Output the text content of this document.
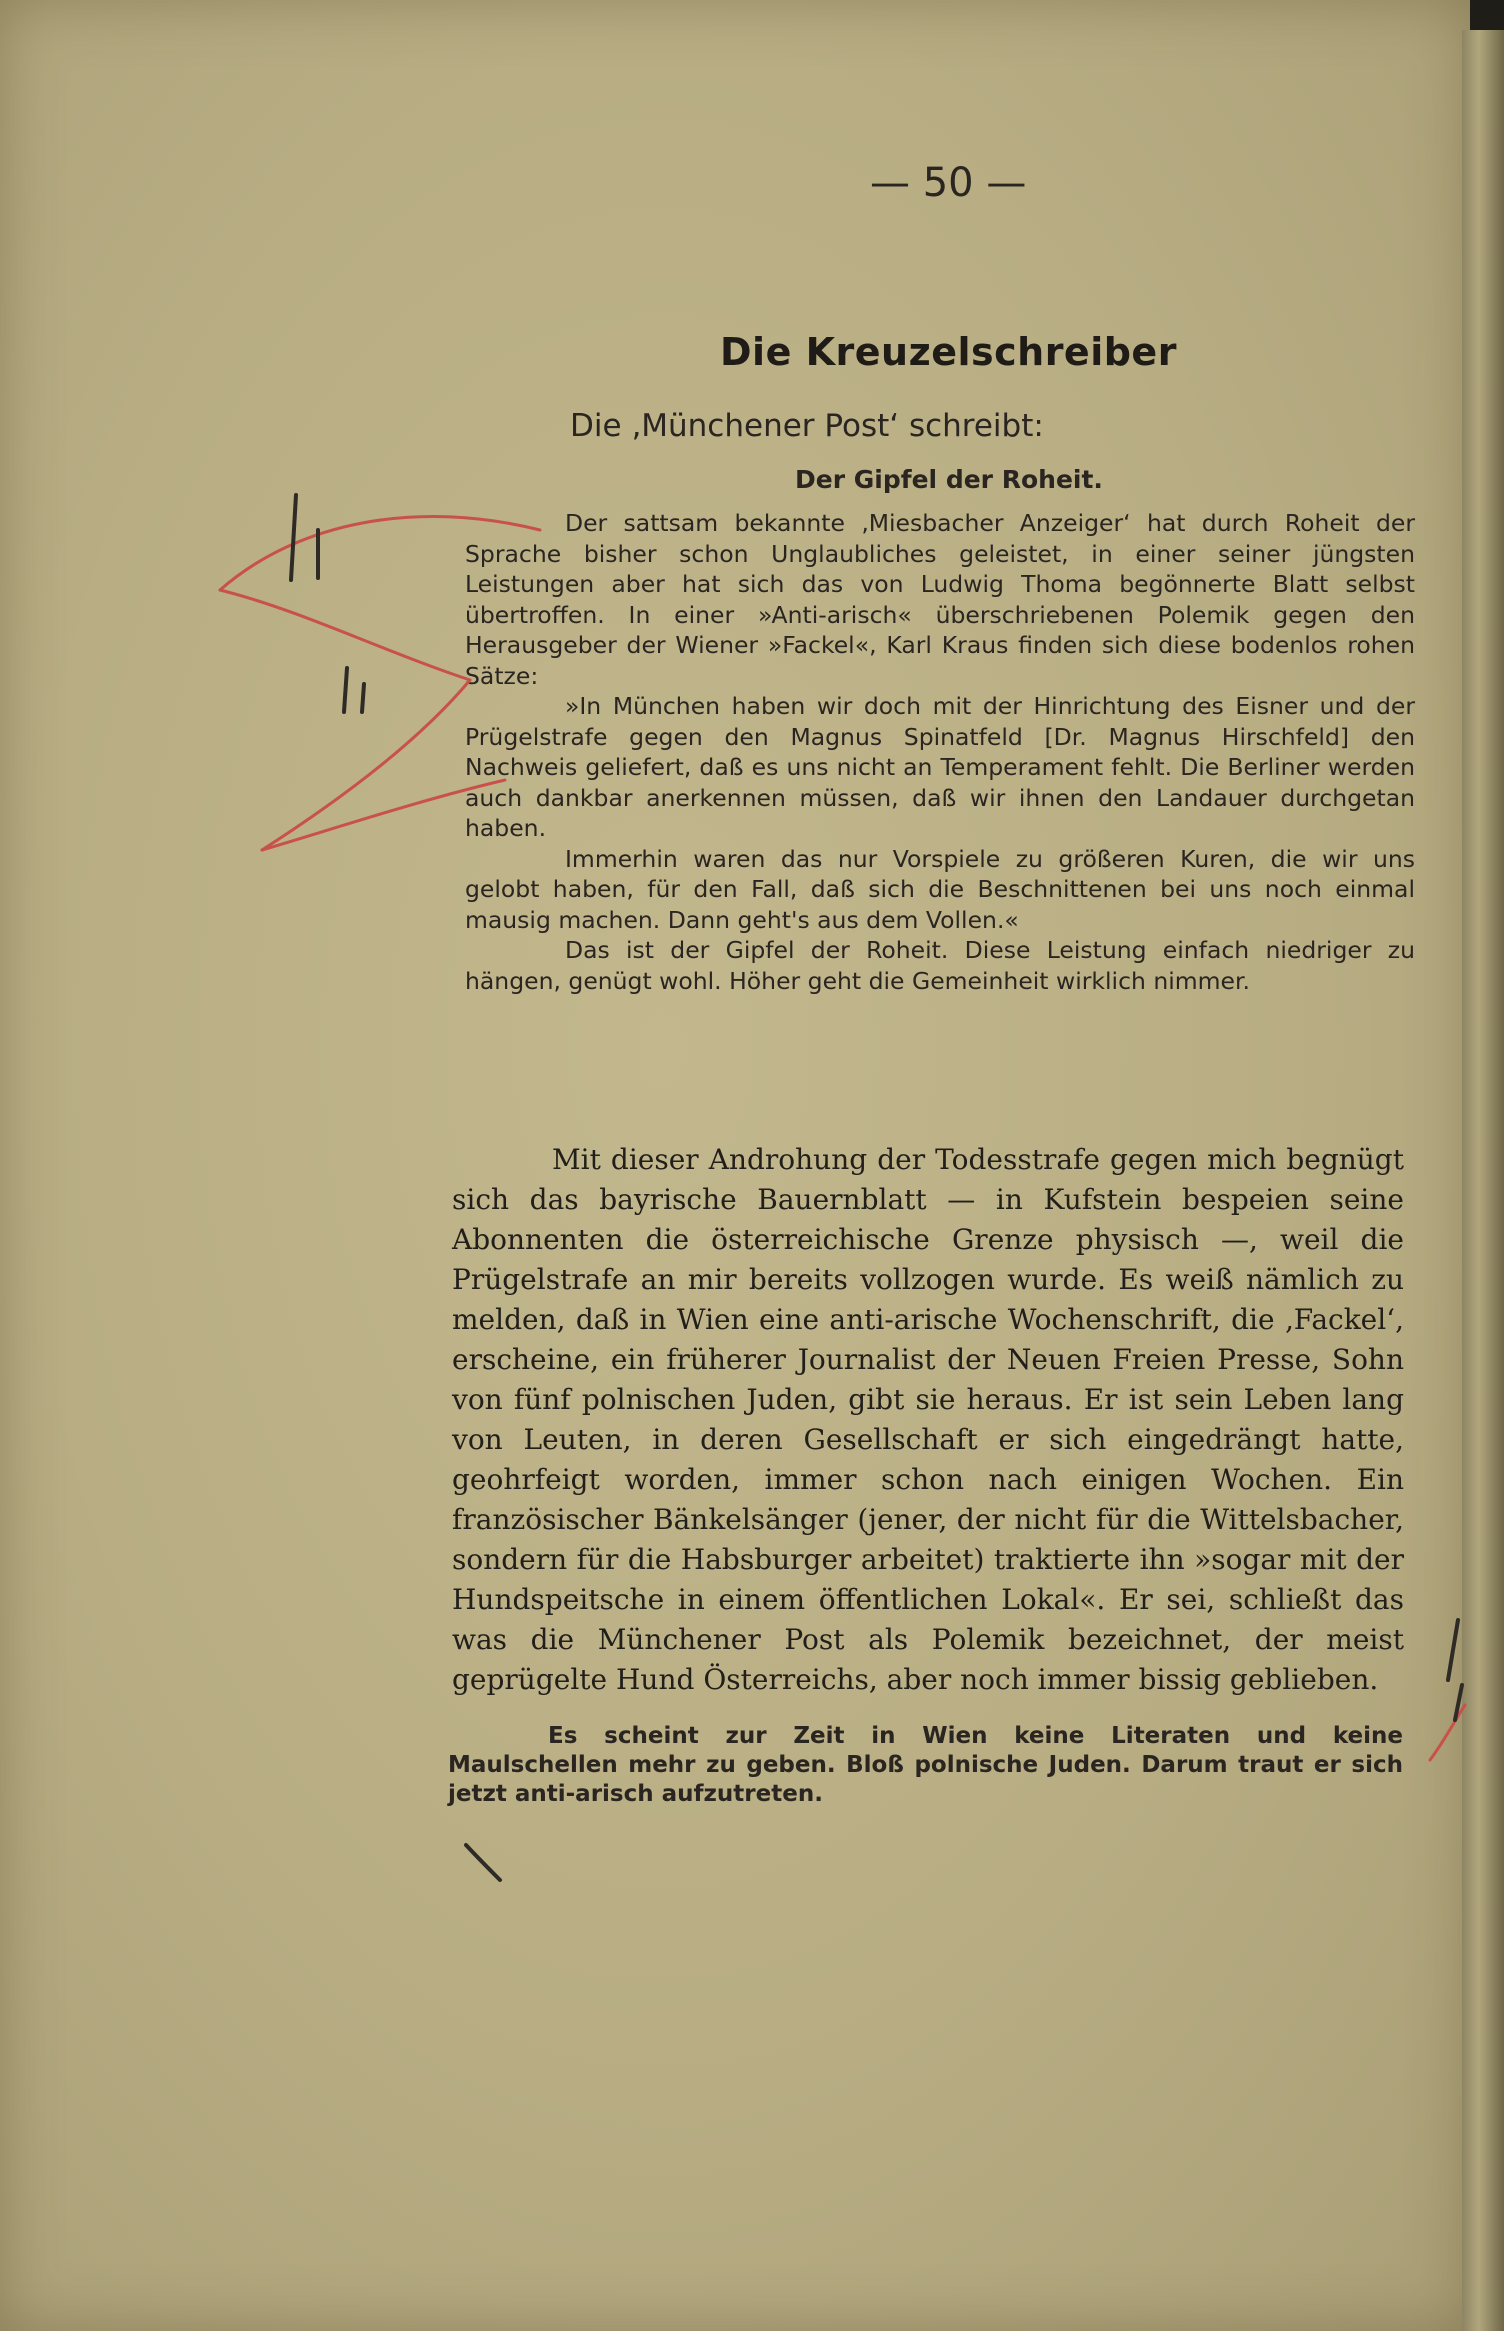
— 50 —
Die Kreuzelschreiber
Die ‚Münchener Post‘ schreibt:
Der Gipfel der Roheit.

Der sattsam bekannte ‚Miesbacher Anzeiger‘ hat durch Roheit der Sprache bisher schon Unglaubliches geleistet, in einer seiner jüngsten Leistungen aber hat sich das von Ludwig Thoma begönnerte Blatt selbst übertroffen. In einer »Anti-arisch« überschriebenen Polemik gegen den Herausgeber der Wiener »Fackel«, Karl Kraus finden sich diese bodenlos rohen Sätze:

»In München haben wir doch mit der Hinrichtung des Eisner und der Prügelstrafe gegen den Magnus Spinatfeld [Dr. Magnus Hirschfeld] den Nachweis geliefert, daß es uns nicht an Temperament fehlt. Die Berliner werden auch dankbar anerkennen müssen, daß wir ihnen den Landauer durchgetan haben.

Immerhin waren das nur Vorspiele zu größeren Kuren, die wir uns gelobt haben, für den Fall, daß sich die Beschnittenen bei uns noch einmal mausig machen. Dann geht's aus dem Vollen.«

Das ist der Gipfel der Roheit. Diese Leistung einfach niedriger zu hängen, genügt wohl. Höher geht die Gemeinheit wirklich nimmer.

Mit dieser Androhung der Todesstrafe gegen mich begnügt sich das bayrische Bauernblatt — in Kufstein bespeien seine Abonnenten die österreichische Grenze physisch —, weil die Prügelstrafe an mir bereits vollzogen wurde. Es weiß nämlich zu melden, daß in Wien eine anti-arische Wochenschrift, die ‚Fackel‘, erscheine, ein früherer Journalist der Neuen Freien Presse, Sohn von fünf polnischen Juden, gibt sie heraus. Er ist sein Leben lang von Leuten, in deren Gesellschaft er sich eingedrängt hatte, geohrfeigt worden, immer schon nach einigen Wochen. Ein französischer Bänkelsänger (jener, der nicht für die Wittelsbacher, sondern für die Habsburger arbeitet) traktierte ihn »sogar mit der Hundspeitsche in einem öffentlichen Lokal«. Er sei, schließt das was die Münchener Post als Polemik bezeichnet, der meist geprügelte Hund Österreichs, aber noch immer bissig geblieben.

Es scheint zur Zeit in Wien keine Literaten und keine Maulschellen mehr zu geben. Bloß polnische Juden. Darum traut er sich jetzt anti-arisch aufzutreten.
